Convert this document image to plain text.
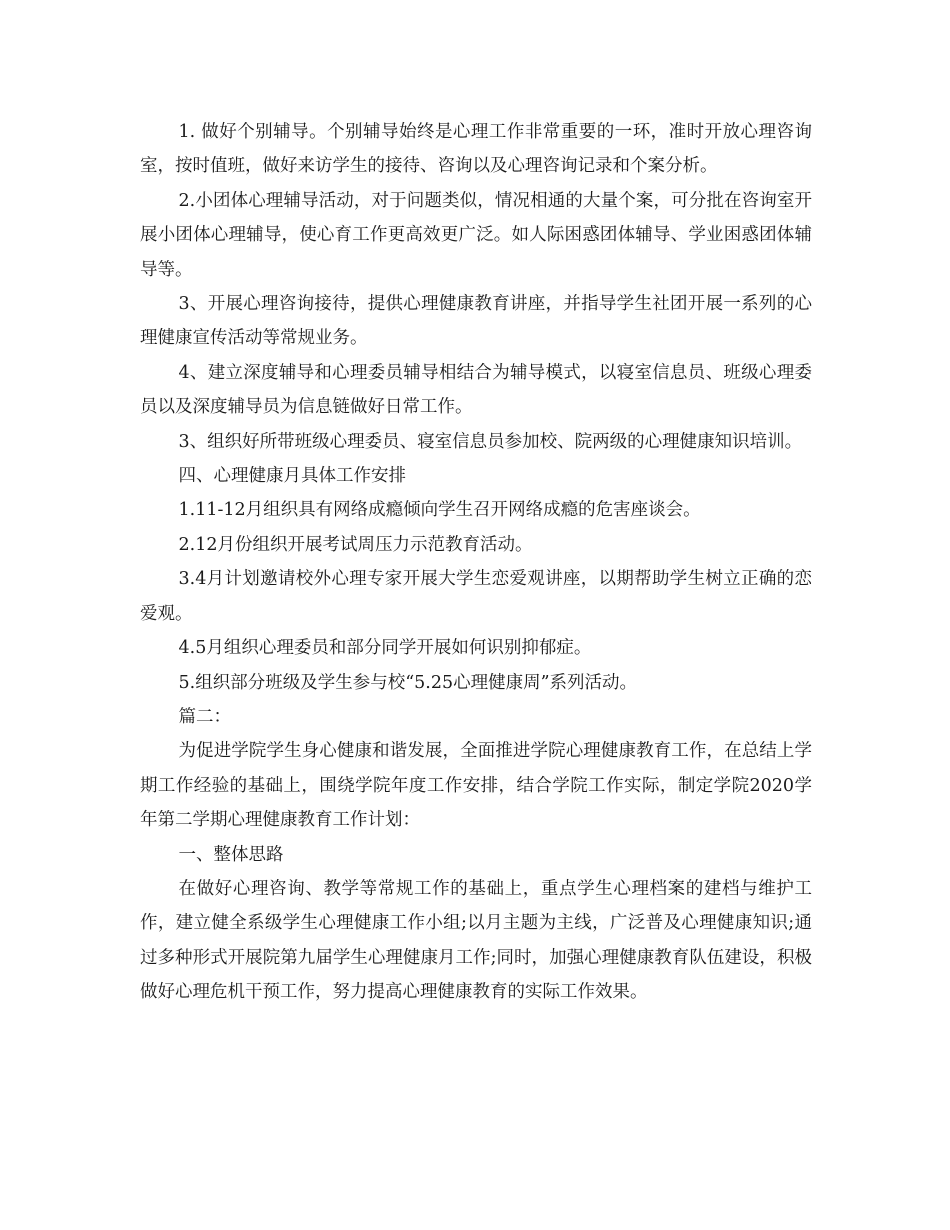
1. 做好个别辅导。个别辅导始终是心理工作非常重要的一环，准时开放心理咨询室，按时值班，做好来访学生的接待、咨询以及心理咨询记录和个案分析。

2.小团体心理辅导活动，对于问题类似，情况相通的大量个案，可分批在咨询室开展小团体心理辅导，使心育工作更高效更广泛。如人际困惑团体辅导、学业困惑团体辅导等。

3、开展心理咨询接待，提供心理健康教育讲座，并指导学生社团开展一系列的心理健康宣传活动等常规业务。

4、建立深度辅导和心理委员辅导相结合为辅导模式，以寝室信息员、班级心理委员以及深度辅导员为信息链做好日常工作。

3、组织好所带班级心理委员、寝室信息员参加校、院两级的心理健康知识培训。

四、心理健康月具体工作安排

1.11-12月组织具有网络成瘾倾向学生召开网络成瘾的危害座谈会。

2.12月份组织开展考试周压力示范教育活动。

3.4月计划邀请校外心理专家开展大学生恋爱观讲座，以期帮助学生树立正确的恋爱观。

4.5月组织心理委员和部分同学开展如何识别抑郁症。

5.组织部分班级及学生参与校“5.25心理健康周”系列活动。

篇二：

为促进学院学生身心健康和谐发展，全面推进学院心理健康教育工作，在总结上学期工作经验的基础上，围绕学院年度工作安排，结合学院工作实际，制定学院2020学年第二学期心理健康教育工作计划：

一、整体思路

在做好心理咨询、教学等常规工作的基础上，重点学生心理档案的建档与维护工作，建立健全系级学生心理健康工作小组;以月主题为主线，广泛普及心理健康知识;通过多种形式开展院第九届学生心理健康月工作;同时，加强心理健康教育队伍建设，积极做好心理危机干预工作，努力提高心理健康教育的实际工作效果。
